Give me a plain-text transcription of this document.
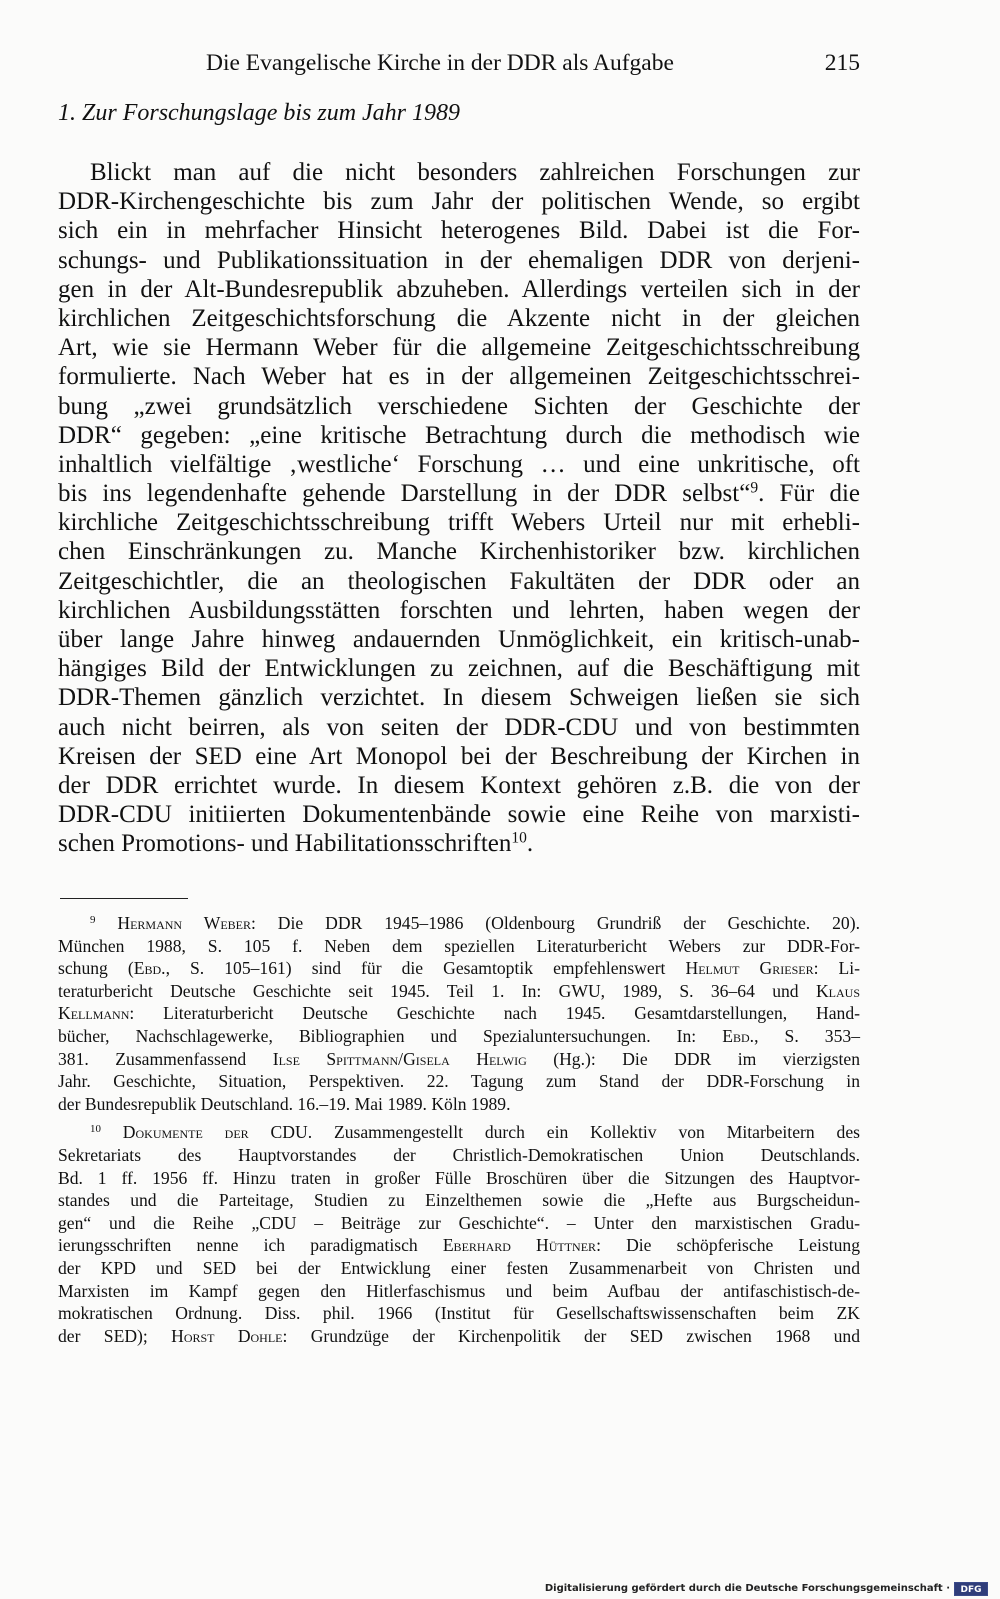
Die Evangelische Kirche in der DDR als Aufgabe	215
1. Zur Forschungslage bis zum Jahr 1989
Blickt man auf die nicht besonders zahlreichen Forschungen zur
DDR-Kirchengeschichte bis zum Jahr der politischen Wende, so ergibt
sich ein in mehrfacher Hinsicht heterogenes Bild. Dabei ist die For-
schungs- und Publikationssituation in der ehemaligen DDR von derjeni-
gen in der Alt-Bundesrepublik abzuheben. Allerdings verteilen sich in der
kirchlichen Zeitgeschichtsforschung die Akzente nicht in der gleichen
Art, wie sie Hermann Weber für die allgemeine Zeitgeschichtsschreibung
formulierte. Nach Weber hat es in der allgemeinen Zeitgeschichtsschrei-
bung „zwei grundsätzlich verschiedene Sichten der Geschichte der
DDR“ gegeben: „eine kritische Betrachtung durch die methodisch wie
inhaltlich vielfältige ‚westliche‘ Forschung … und eine unkritische, oft
bis ins legendenhafte gehende Darstellung in der DDR selbst“$^9$. Für die
kirchliche Zeitgeschichtsschreibung trifft Webers Urteil nur mit erhebli-
chen Einschränkungen zu. Manche Kirchenhistoriker bzw. kirchlichen
Zeitgeschichtler, die an theologischen Fakultäten der DDR oder an
kirchlichen Ausbildungsstätten forschten und lehrten, haben wegen der
über lange Jahre hinweg andauernden Unmöglichkeit, ein kritisch-unab-
hängiges Bild der Entwicklungen zu zeichnen, auf die Beschäftigung mit
DDR-Themen gänzlich verzichtet. In diesem Schweigen ließen sie sich
auch nicht beirren, als von seiten der DDR-CDU und von bestimmten
Kreisen der SED eine Art Monopol bei der Beschreibung der Kirchen in
der DDR errichtet wurde. In diesem Kontext gehören z.B. die von der
DDR-CDU initiierten Dokumentenbände sowie eine Reihe von marxisti-
schen Promotions- und Habilitationsschriften$^{10}$.
$^9$ Hermann Weber: Die DDR 1945–1986 (Oldenbourg Grundriß der Geschichte. 20).
München 1988, S. 105 f. Neben dem speziellen Literaturbericht Webers zur DDR-For-
schung (Ebd., S. 105–161) sind für die Gesamtoptik empfehlenswert Helmut Grieser: Li-
teraturbericht Deutsche Geschichte seit 1945. Teil 1. In: GWU, 1989, S. 36–64 und Klaus
Kellmann: Literaturbericht Deutsche Geschichte nach 1945. Gesamtdarstellungen, Hand-
bücher, Nachschlagewerke, Bibliographien und Spezialuntersuchungen. In: Ebd., S. 353–
381. Zusammenfassend Ilse Spittmann/Gisela Helwig (Hg.): Die DDR im vierzigsten
Jahr. Geschichte, Situation, Perspektiven. 22. Tagung zum Stand der DDR-Forschung in
der Bundesrepublik Deutschland. 16.–19. Mai 1989. Köln 1989.
$^{10}$ Dokumente der CDU. Zusammengestellt durch ein Kollektiv von Mitarbeitern des
Sekretariats des Hauptvorstandes der Christlich-Demokratischen Union Deutschlands.
Bd. 1 ff. 1956 ff. Hinzu traten in großer Fülle Broschüren über die Sitzungen des Hauptvor-
standes und die Parteitage, Studien zu Einzelthemen sowie die „Hefte aus Burgscheidun-
gen“ und die Reihe „CDU – Beiträge zur Geschichte“. – Unter den marxistischen Gradu-
ierungsschriften nenne ich paradigmatisch Eberhard Hüttner: Die schöpferische Leistung
der KPD und SED bei der Entwicklung einer festen Zusammenarbeit von Christen und
Marxisten im Kampf gegen den Hitlerfaschismus und beim Aufbau der antifaschistisch-de-
mokratischen Ordnung. Diss. phil. 1966 (Institut für Gesellschaftswissenschaften beim ZK
der SED); Horst Dohle: Grundzüge der Kirchenpolitik der SED zwischen 1968 und
Digitalisierung gefördert durch die Deutsche Forschungsgemeinschaft ·	DFG
